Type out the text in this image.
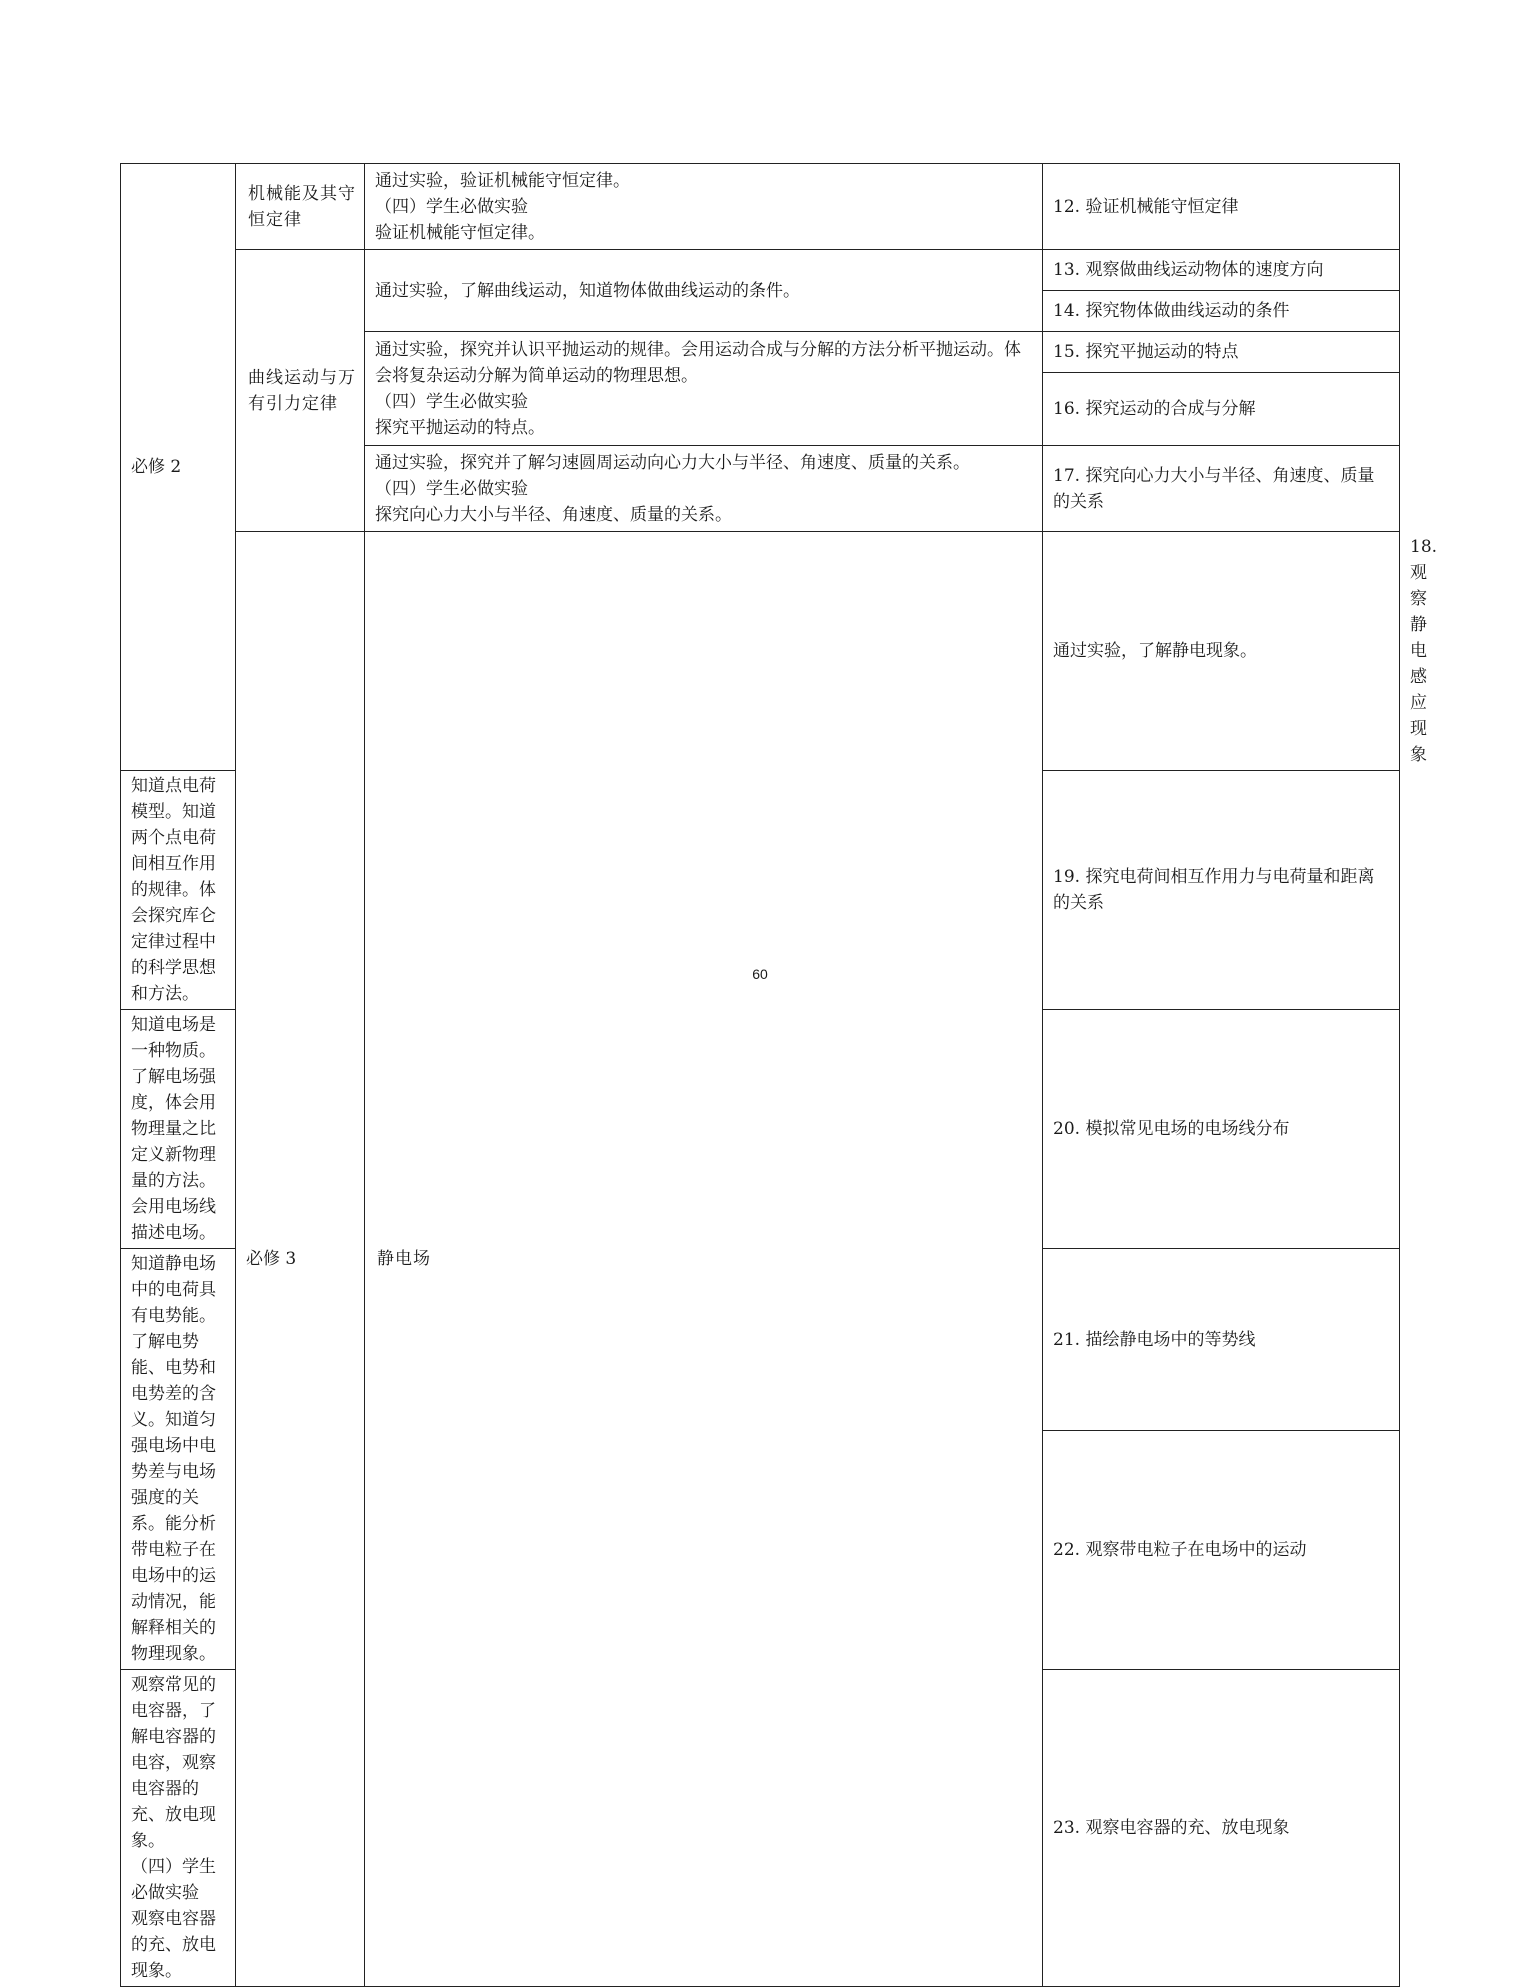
必修 2	机械能及其守恒定律	通过实验，验证机械能守恒定律。
（四）学生必做实验
验证机械能守恒定律。	12. 验证机械能守恒定律	
	曲线运动与万有引力定律	通过实验，了解曲线运动，知道物体做曲线运动的条件。	13. 观察做曲线运动物体的速度方向	
			14. 探究物体做曲线运动的条件	

		通过实验，探究并认识平抛运动的规律。会用运动合成与分解的方法分析平抛运动。体会将复杂运动分解为简单运动的物理思想。
（四）学生必做实验
探究平抛运动的特点。	15. 探究平抛运动的特点	
			16. 探究运动的合成与分解	

		通过实验，探究并了解匀速圆周运动向心力大小与半径、角速度、质量的关系。
（四）学生必做实验
探究向心力大小与半径、角速度、质量的关系。	17. 探究向心力大小与半径、角速度、质量的关系	
	必修 3	静电场	通过实验，了解静电现象。	18. 观察静电感应现象
知道点电荷模型。知道两个点电荷间相互作用的规律。体会探究库仑定律过程中的科学思想和方法。			19. 探究电荷间相互作用力与电荷量和距离的关系	
知道电场是一种物质。了解电场强度，体会用物理量之比定义新物理量的方法。会用电场线描述电场。			20. 模拟常见电场的电场线分布	
知道静电场中的电荷具有电势能。了解电势能、电势和电势差的含义。知道匀强电场中电势差与电场强度的关系。能分析带电粒子在电场中的运动情况，能解释相关的物理现象。			21. 描绘静电场中的等势线	
			22. 观察带电粒子在电场中的运动	

观察常见的电容器，了解电容器的电容，观察电容器的充、放电现象。
（四）学生必做实验
观察电容器的充、放电现象。			23. 观察电容器的充、放电现象	
60
